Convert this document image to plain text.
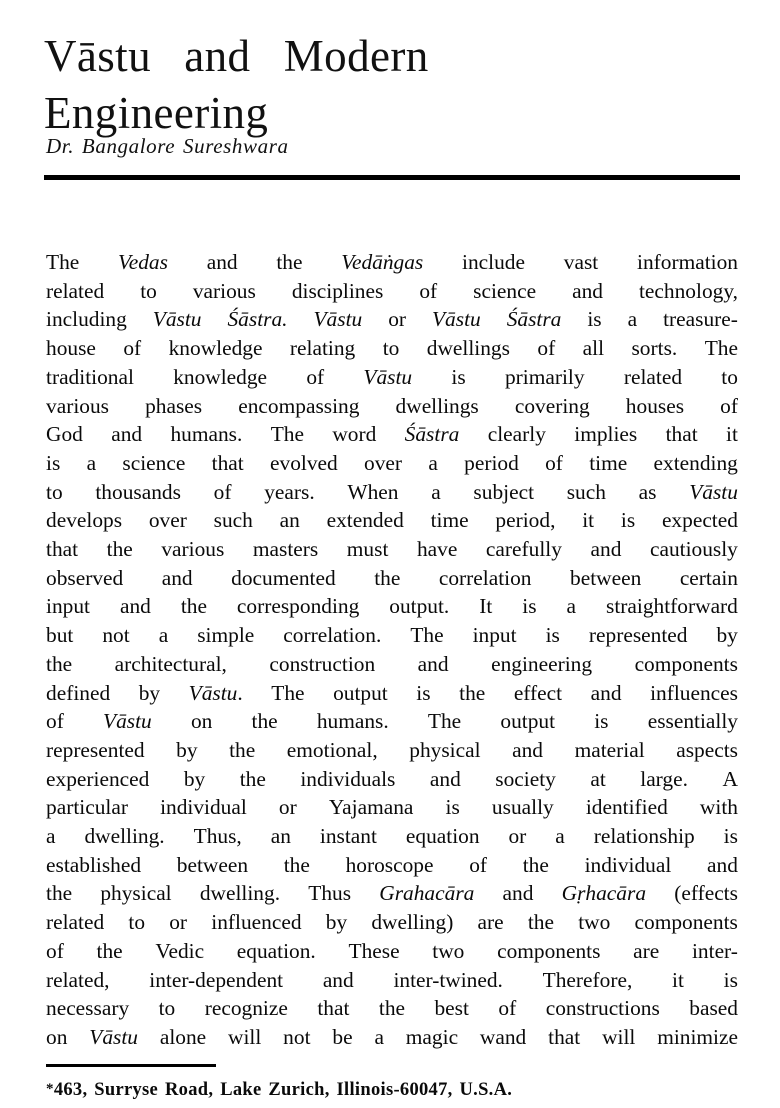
Vāstu  and  Modern
Engineering
Dr. Bangalore Sureshwara
The Vedas and the Vedāṅgas include vast information
related to various disciplines of science and technology,
including Vāstu Śāstra. Vāstu or Vāstu Śāstra is a treasure-
house of knowledge relating to dwellings of all sorts. The
traditional knowledge of Vāstu is primarily related to
various phases encompassing dwellings covering houses of
God and humans. The word Śāstra clearly implies that it
is a science that evolved over a period of time extending
to thousands of years. When a subject such as Vāstu
develops over such an extended time period, it is expected
that the various masters must have carefully and cautiously
observed and documented the correlation between certain
input and the corresponding output. It is a straightforward
but not a simple correlation. The input is represented by
the architectural, construction and engineering components
defined by Vāstu. The output is the effect and influences
of Vāstu on the humans. The output is essentially
represented by the emotional, physical and material aspects
experienced by the individuals and society at large. A
particular individual or Yajamana is usually identified with
a dwelling. Thus, an instant equation or a relationship is
established between the horoscope of the individual and
the physical dwelling. Thus Grahacāra and Gṛhacāra (effects
related to or influenced by dwelling) are the two components
of the Vedic equation. These two components are inter-
related, inter-dependent and inter-twined. Therefore, it is
necessary to recognize that the best of constructions based
on Vāstu alone will not be a magic wand that will minimize
*463, Surryse Road, Lake Zurich, Illinois-60047, U.S.A.
